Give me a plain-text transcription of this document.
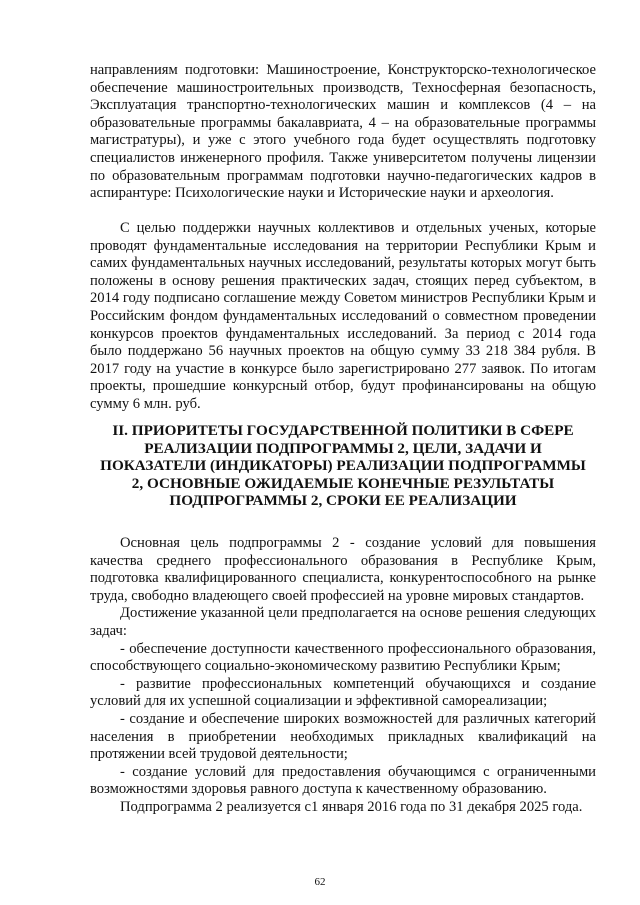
направлениям подготовки: Машиностроение, Конструкторско-технологическое обеспечение машиностроительных производств, Техносферная безопасность, Эксплуатация транспортно-технологических машин и комплексов (4 – на образовательные программы бакалавриата, 4 – на образовательные программы магистратуры), и уже с этого учебного года будет осуществлять подготовку специалистов инженерного профиля. Также университетом получены лицензии по образовательным программам подготовки научно-педагогических кадров в аспирантуре: Психологические науки и Исторические науки и археология.

С целью поддержки научных коллективов и отдельных ученых, которые проводят фундаментальные исследования на территории Республики Крым и самих фундаментальных научных исследований, результаты которых могут быть положены в основу решения практических задач, стоящих перед субъектом, в 2014 году подписано соглашение между Советом министров Республики Крым и Российским фондом фундаментальных исследований о совместном проведении конкурсов проектов фундаментальных исследований. За период с 2014 года было поддержано 56 научных проектов на общую сумму 33 218 384 рубля. В 2017 году на участие в конкурсе было зарегистрировано 277 заявок. По итогам проекты, прошедшие конкурсный отбор, будут профинансированы на общую сумму 6 млн. руб.

II. ПРИОРИТЕТЫ ГОСУДАРСТВЕННОЙ ПОЛИТИКИ В СФЕРЕ РЕАЛИЗАЦИИ ПОДПРОГРАММЫ 2, ЦЕЛИ, ЗАДАЧИ И ПОКАЗАТЕЛИ (ИНДИКАТОРЫ) РЕАЛИЗАЦИИ ПОДПРОГРАММЫ 2, ОСНОВНЫЕ ОЖИДАЕМЫЕ КОНЕЧНЫЕ РЕЗУЛЬТАТЫ ПОДПРОГРАММЫ 2, СРОКИ ЕЕ РЕАЛИЗАЦИИ

Основная цель подпрограммы 2 - создание условий для повышения качества среднего профессионального образования в Республике Крым, подготовка квалифицированного специалиста, конкурентоспособного на рынке труда, свободно владеющего своей профессией на уровне мировых стандартов.

Достижение указанной цели предполагается на основе решения следующих задач:

- обеспечение доступности качественного профессионального образования, способствующего социально-экономическому развитию Республики Крым;

- развитие профессиональных компетенций обучающихся и создание условий для их успешной социализации и эффективной самореализации;

- создание и обеспечение широких возможностей для различных категорий населения в приобретении необходимых прикладных квалификаций на протяжении всей трудовой деятельности;

- создание условий для предоставления обучающимся с ограниченными возможностями здоровья равного доступа к качественному образованию.

Подпрограмма 2 реализуется с1 января 2016 года по 31 декабря 2025 года.

62
